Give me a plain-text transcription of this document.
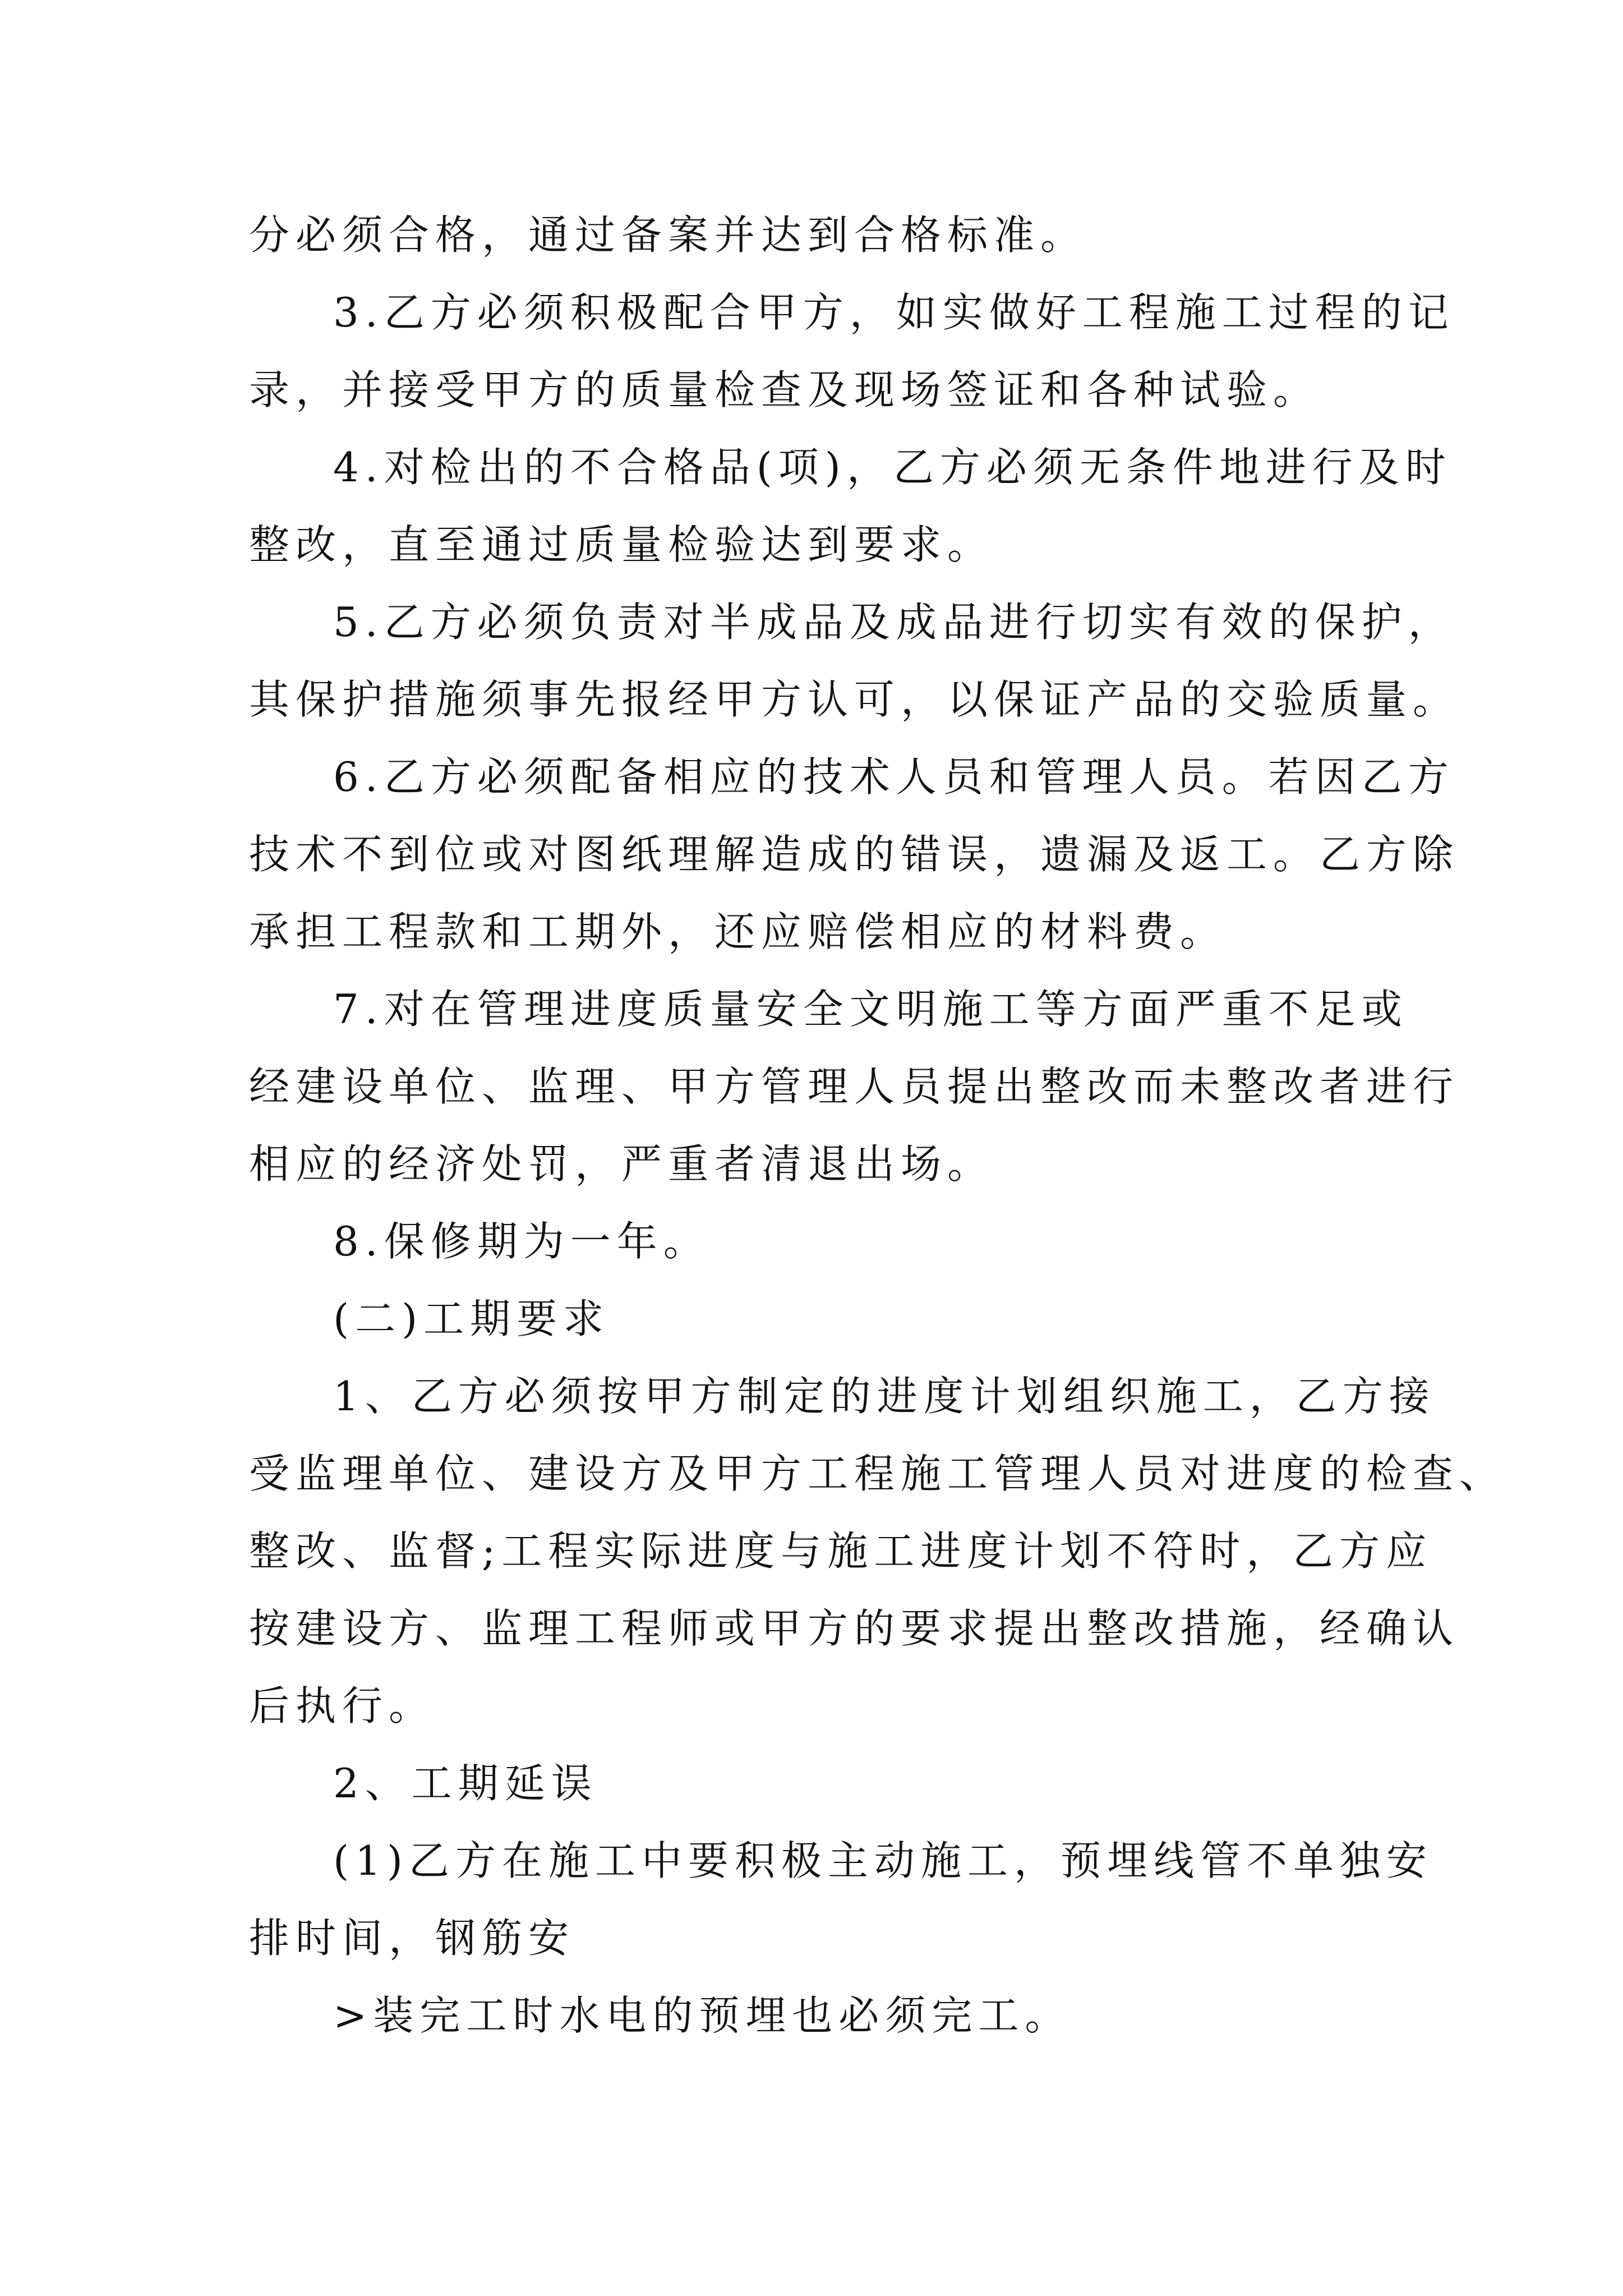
分必须合格，通过备案并达到合格标准。
3.乙方必须积极配合甲方，如实做好工程施工过程的记
录，并接受甲方的质量检查及现场签证和各种试验。
4.对检出的不合格品(项)，乙方必须无条件地进行及时
整改，直至通过质量检验达到要求。
5.乙方必须负责对半成品及成品进行切实有效的保护，
其保护措施须事先报经甲方认可，以保证产品的交验质量。
6.乙方必须配备相应的技术人员和管理人员。若因乙方
技术不到位或对图纸理解造成的错误，遗漏及返工。乙方除
承担工程款和工期外，还应赔偿相应的材料费。
7.对在管理进度质量安全文明施工等方面严重不足或
经建设单位、监理、甲方管理人员提出整改而未整改者进行
相应的经济处罚，严重者清退出场。
8.保修期为一年。
(二)工期要求
1、乙方必须按甲方制定的进度计划组织施工，乙方接
受监理单位、建设方及甲方工程施工管理人员对进度的检查、
整改、监督;工程实际进度与施工进度计划不符时，乙方应
按建设方、监理工程师或甲方的要求提出整改措施，经确认
后执行。
2、工期延误
(1)乙方在施工中要积极主动施工，预埋线管不单独安
排时间，钢筋安
>装完工时水电的预埋也必须完工。
